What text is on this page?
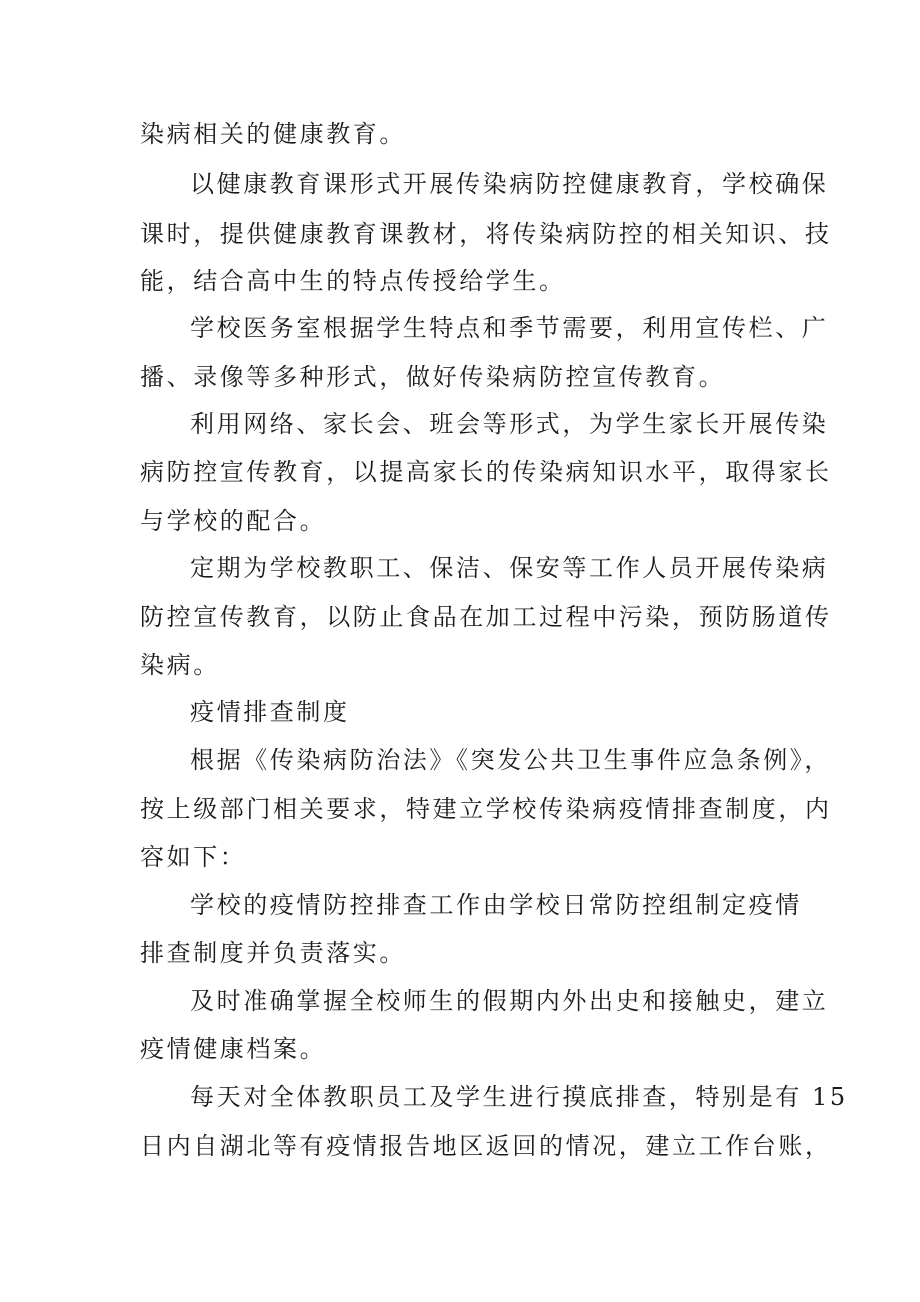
染病相关的健康教育。
以健康教育课形式开展传染病防控健康教育，学校确保
课时，提供健康教育课教材，将传染病防控的相关知识、技
能，结合高中生的特点传授给学生。
学校医务室根据学生特点和季节需要，利用宣传栏、广
播、录像等多种形式，做好传染病防控宣传教育。
利用网络、家长会、班会等形式，为学生家长开展传染
病防控宣传教育，以提高家长的传染病知识水平，取得家长
与学校的配合。
定期为学校教职工、保洁、保安等工作人员开展传染病
防控宣传教育，以防止食品在加工过程中污染，预防肠道传
染病。
疫情排查制度
根据《传染病防治法》《突发公共卫生事件应急条例》，
按上级部门相关要求，特建立学校传染病疫情排查制度，内
容如下：
学校的疫情防控排查工作由学校日常防控组制定疫情
排查制度并负责落实。
及时准确掌握全校师生的假期内外出史和接触史，建立
疫情健康档案。
每天对全体教职员工及学生进行摸底排查，特别是有 15
日内自湖北等有疫情报告地区返回的情况，建立工作台账，
